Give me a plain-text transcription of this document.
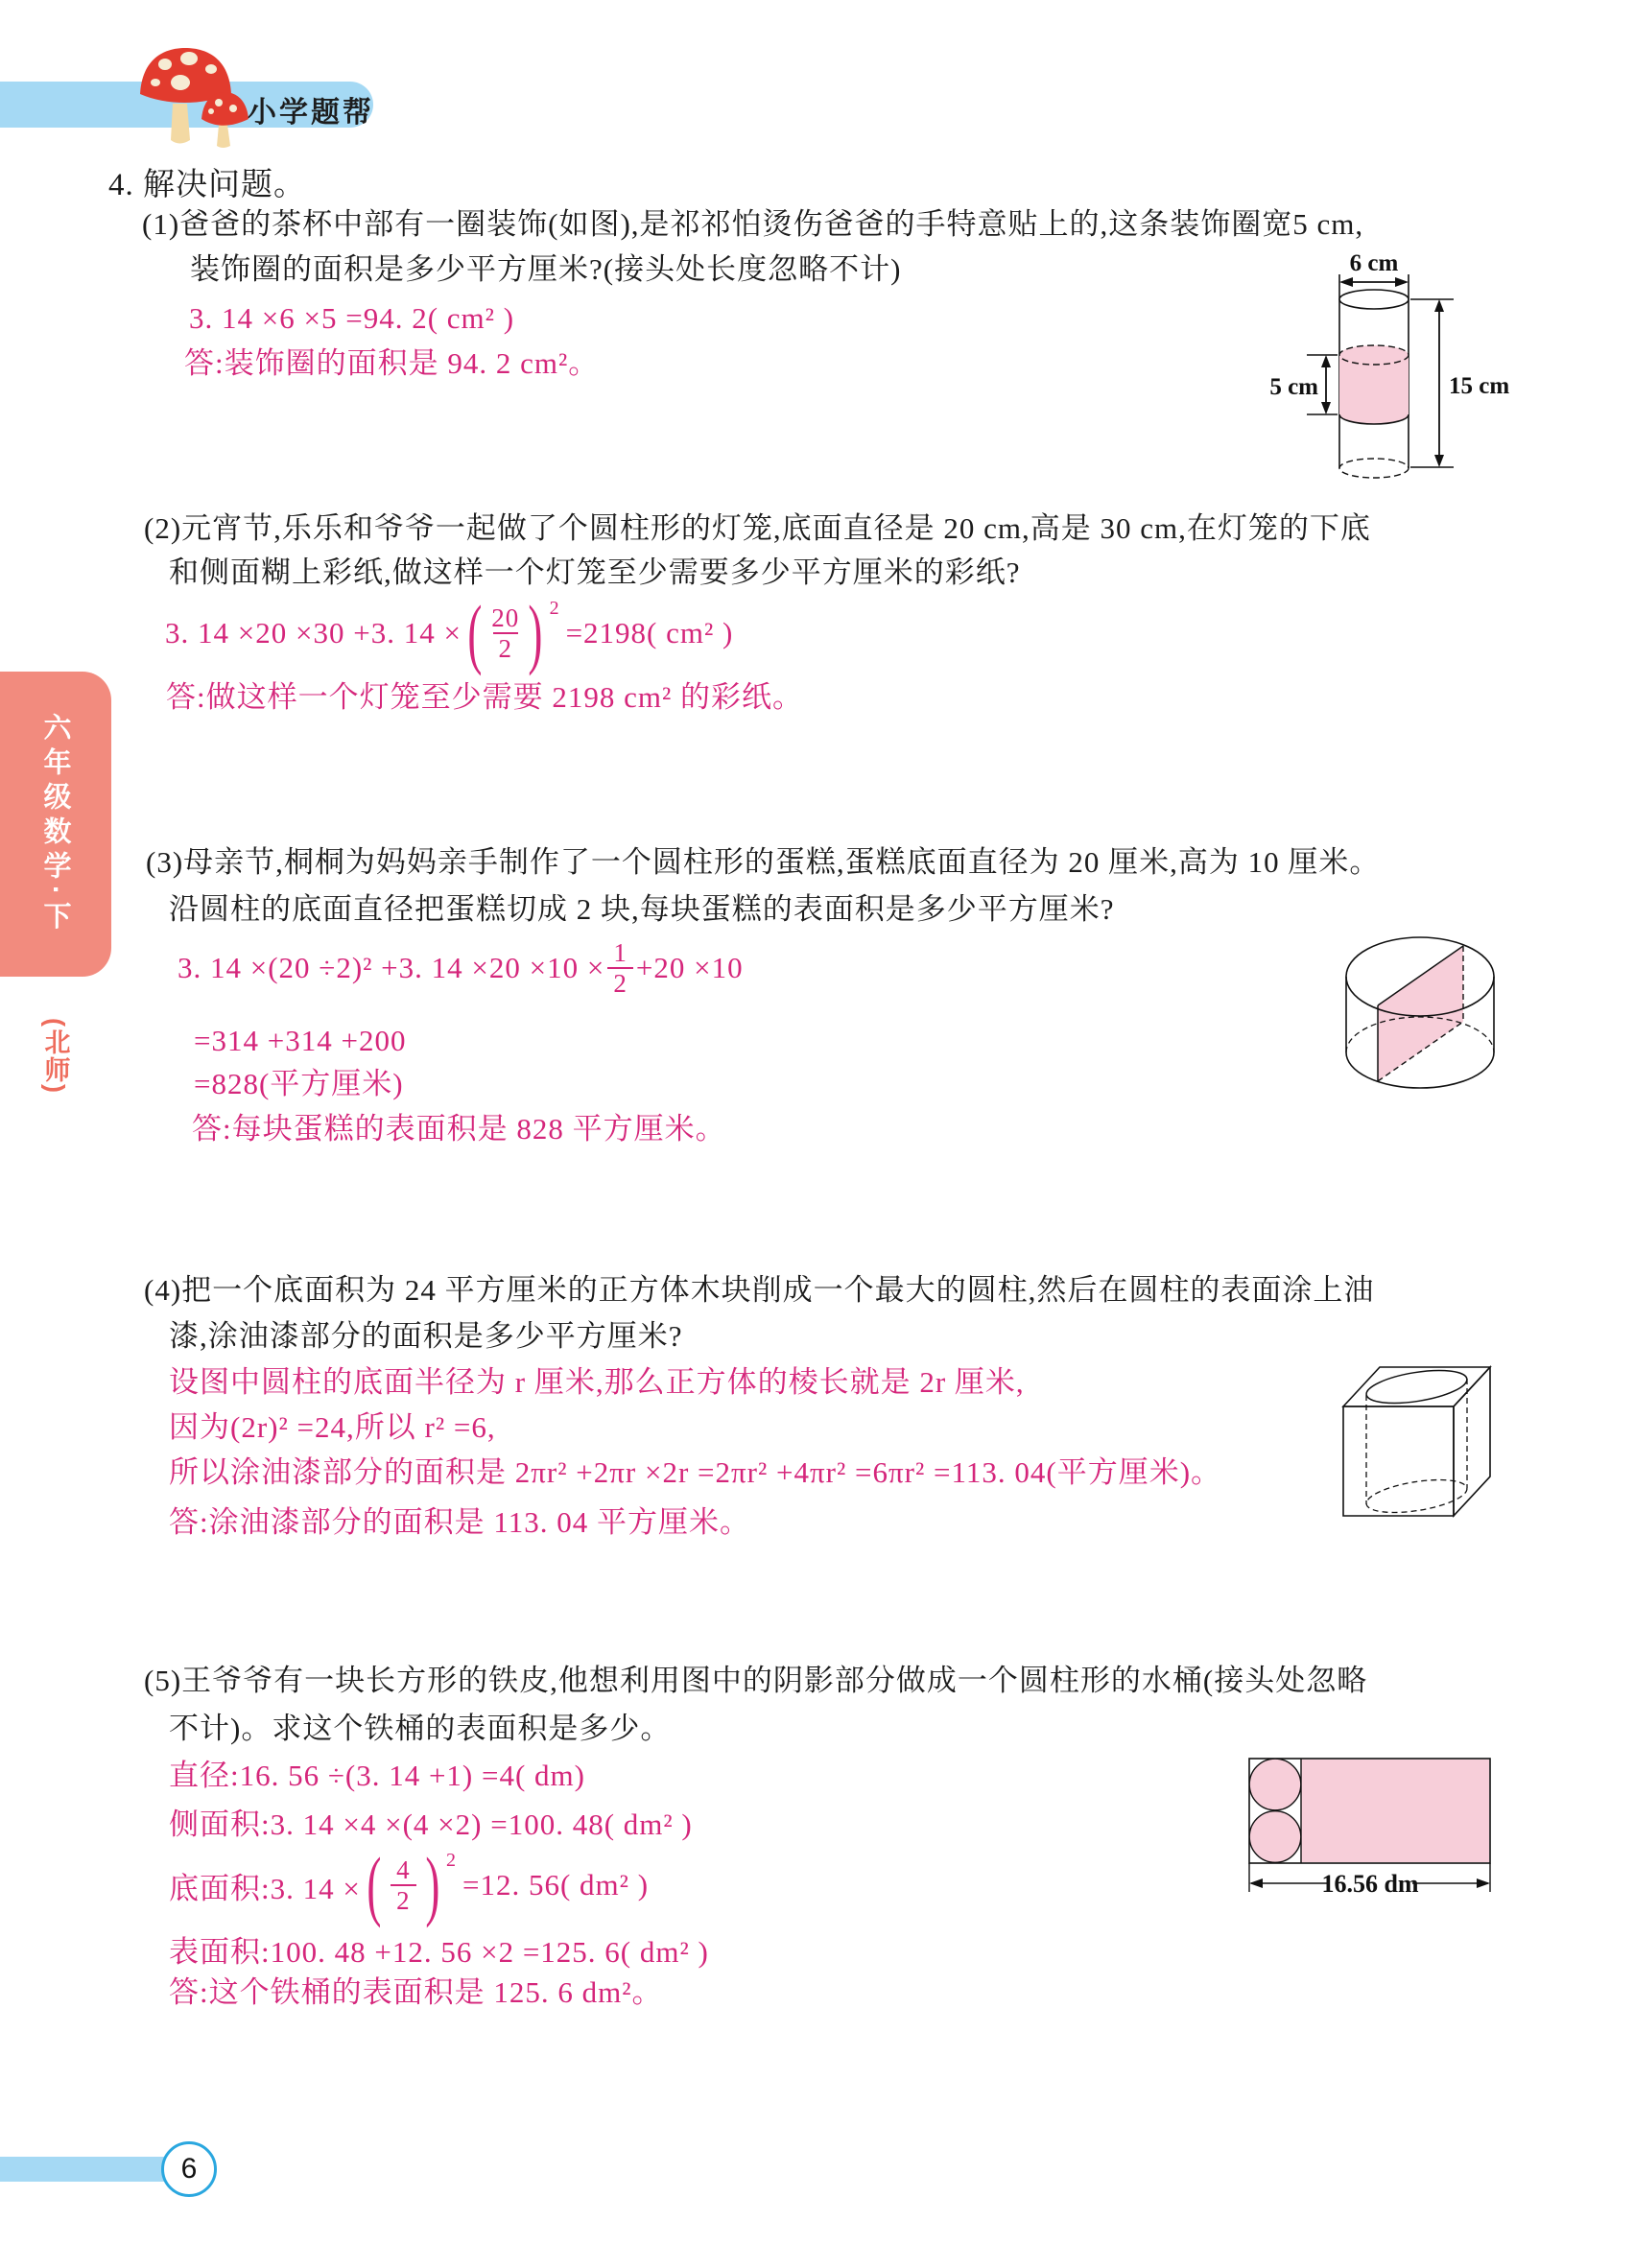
小学题帮
六年级数学·下
(北师)
4. 解决问题。
(1)爸爸的茶杯中部有一圈装饰(如图),是祁祁怕烫伤爸爸的手特意贴上的,这条装饰圈宽5 cm,
装饰圈的面积是多少平方厘米?(接头处长度忽略不计)
3. 14 ×6 ×5 =94. 2( cm² )
答:装饰圈的面积是 94. 2 cm²。
6 cm
5 cm	15 cm
(2)元宵节,乐乐和爷爷一起做了个圆柱形的灯笼,底面直径是 20 cm,高是 30 cm,在灯笼的下底
和侧面糊上彩纸,做这样一个灯笼至少需要多少平方厘米的彩纸?
3. 14 ×20 ×30 +3. 14 × ( $\frac{20}{2}$ ) 2
=2198( cm² )
答:做这样一个灯笼至少需要 2198 cm² 的彩纸。
(3)母亲节,桐桐为妈妈亲手制作了一个圆柱形的蛋糕,蛋糕底面直径为 20 厘米,高为 10 厘米。
沿圆柱的底面直径把蛋糕切成 2 块,每块蛋糕的表面积是多少平方厘米?
3. 14 ×(20 ÷2)² +3. $14 \times 20 \times 10 \times \frac{1}{2} +20 \times 10$
=314 +314 +200
=828(平方厘米)
答:每块蛋糕的表面积是 828 平方厘米。
(4)把一个底面积为 24 平方厘米的正方体木块削成一个最大的圆柱,然后在圆柱的表面涂上油
漆,涂油漆部分的面积是多少平方厘米?
设图中圆柱的底面半径为 r 厘米,那么正方体的棱长就是 2r 厘米,
因为(2r)² =24,所以 r² =6,
所以涂油漆部分的面积是 2πr² +2πr ×2r =2πr² +4πr² =6πr² =113. 04(平方厘米)。
答:涂油漆部分的面积是 113. 04 平方厘米。
(5)王爷爷有一块长方形的铁皮,他想利用图中的阴影部分做成一个圆柱形的水桶(接头处忽略
不计)。求这个铁桶的表面积是多少。
直径:16. 56 ÷(3. 14 +1) =4( dm)
侧面积:3. 14 ×4 ×(4 ×2) =100. 48( dm² )
底面积:3. 14 × ( $\frac{4}{2}$ ) 2
=12. 56( dm² )
表面积:100. 48 +12. 56 ×2 =125. 6( dm² )
答:这个铁桶的表面积是 125. 6 dm²。
16.56 dm
6
